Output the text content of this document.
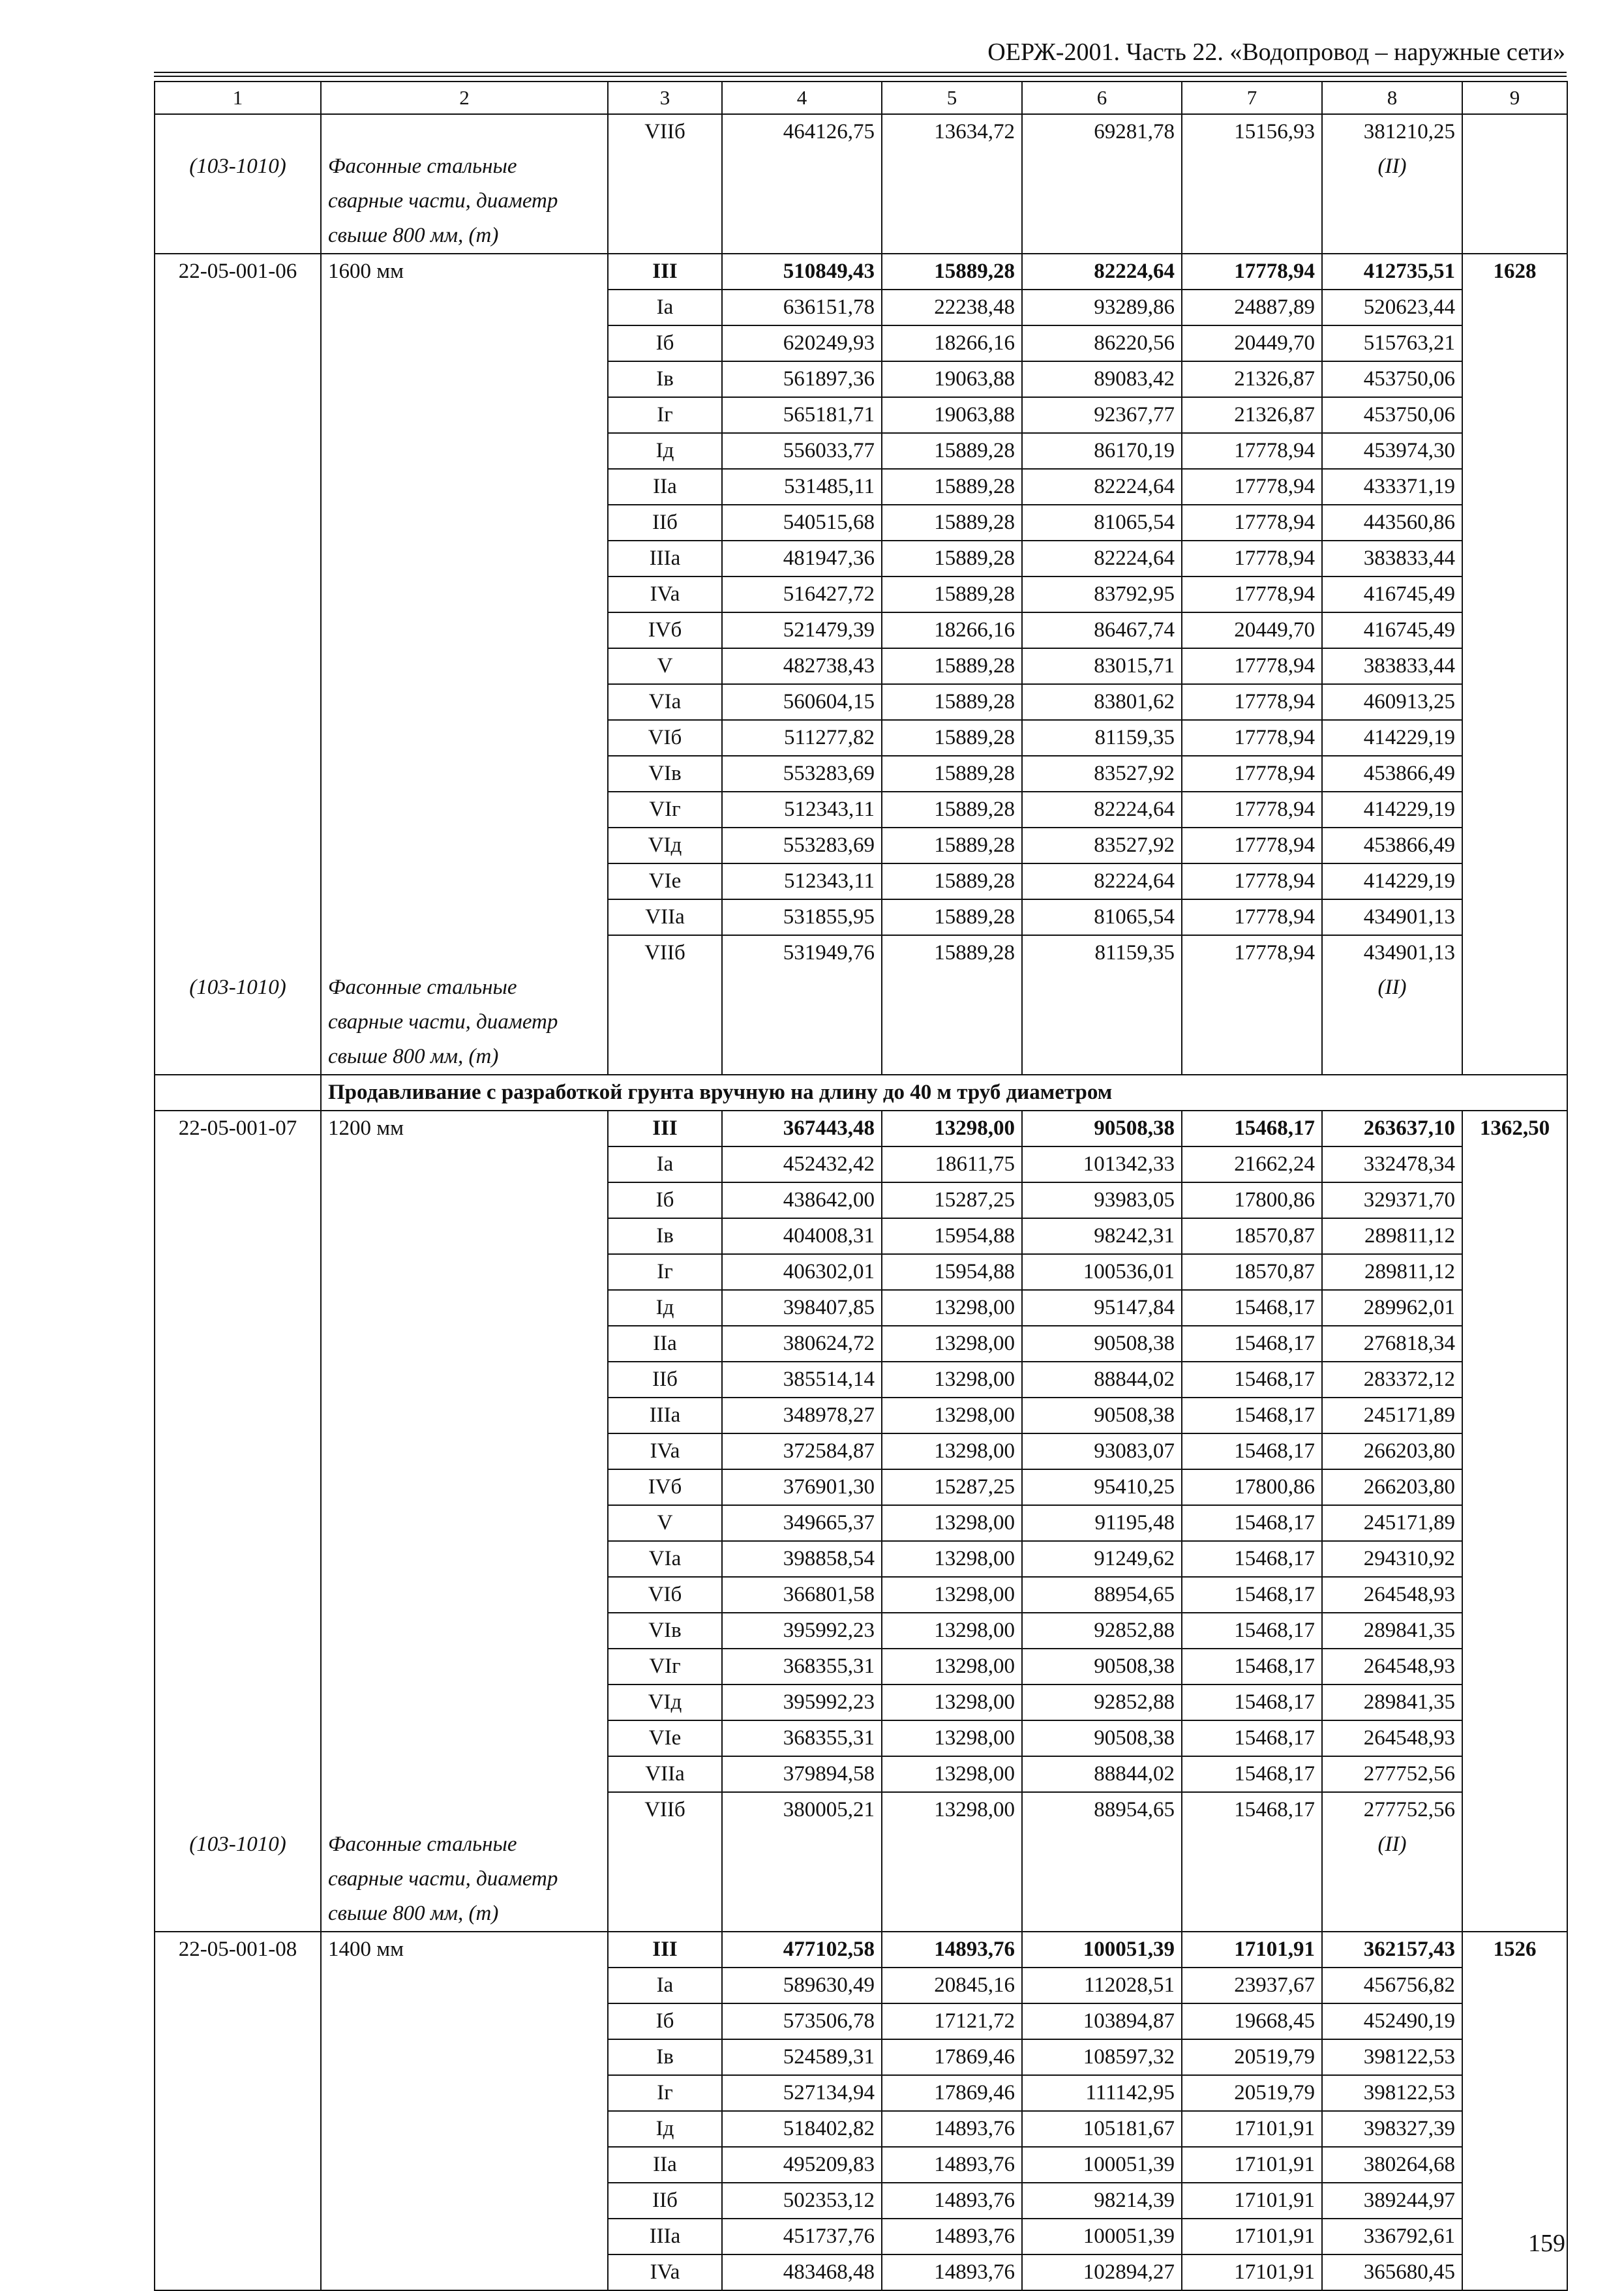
ОЕРЖ-2001. Часть 22. «Водопровод – наружные сети»
1	2	3	4	5	6	7	8	9
		VIIб	464126,75	13634,72	69281,78	15156,93	381210,25	
(103-1010)	Фасонные стальные						(II)	
	сварные части, диаметр							
	свыше 800 мм, (т)							
22-05-001-06	1600 мм	III	510849,43	15889,28	82224,64	17778,94	412735,51	1628
		Ia	636151,78	22238,48	93289,86	24887,89	520623,44	
		Iб	620249,93	18266,16	86220,56	20449,70	515763,21	
		Iв	561897,36	19063,88	89083,42	21326,87	453750,06	
		Iг	565181,71	19063,88	92367,77	21326,87	453750,06	
		Iд	556033,77	15889,28	86170,19	17778,94	453974,30	
		IIa	531485,11	15889,28	82224,64	17778,94	433371,19	
		IIб	540515,68	15889,28	81065,54	17778,94	443560,86	
		IIIa	481947,36	15889,28	82224,64	17778,94	383833,44	
		IVa	516427,72	15889,28	83792,95	17778,94	416745,49	
		IVб	521479,39	18266,16	86467,74	20449,70	416745,49	
		V	482738,43	15889,28	83015,71	17778,94	383833,44	
		VIa	560604,15	15889,28	83801,62	17778,94	460913,25	
		VIб	511277,82	15889,28	81159,35	17778,94	414229,19	
		VIв	553283,69	15889,28	83527,92	17778,94	453866,49	
		VIг	512343,11	15889,28	82224,64	17778,94	414229,19	
		VIд	553283,69	15889,28	83527,92	17778,94	453866,49	
		VIe	512343,11	15889,28	82224,64	17778,94	414229,19	
		VIIa	531855,95	15889,28	81065,54	17778,94	434901,13	
		VIIб	531949,76	15889,28	81159,35	17778,94	434901,13	
(103-1010)	Фасонные стальные						(II)	
	сварные части, диаметр							
	свыше 800 мм, (т)							
	Продавливание с разработкой грунта вручную на длину до 40 м труб диаметром							
22-05-001-07	1200 мм	III	367443,48	13298,00	90508,38	15468,17	263637,10	1362,50
		Ia	452432,42	18611,75	101342,33	21662,24	332478,34	
		Iб	438642,00	15287,25	93983,05	17800,86	329371,70	
		Iв	404008,31	15954,88	98242,31	18570,87	289811,12	
		Iг	406302,01	15954,88	100536,01	18570,87	289811,12	
		Iд	398407,85	13298,00	95147,84	15468,17	289962,01	
		IIa	380624,72	13298,00	90508,38	15468,17	276818,34	
		IIб	385514,14	13298,00	88844,02	15468,17	283372,12	
		IIIa	348978,27	13298,00	90508,38	15468,17	245171,89	
		IVa	372584,87	13298,00	93083,07	15468,17	266203,80	
		IVб	376901,30	15287,25	95410,25	17800,86	266203,80	
		V	349665,37	13298,00	91195,48	15468,17	245171,89	
		VIa	398858,54	13298,00	91249,62	15468,17	294310,92	
		VIб	366801,58	13298,00	88954,65	15468,17	264548,93	
		VIв	395992,23	13298,00	92852,88	15468,17	289841,35	
		VIг	368355,31	13298,00	90508,38	15468,17	264548,93	
		VIд	395992,23	13298,00	92852,88	15468,17	289841,35	
		VIe	368355,31	13298,00	90508,38	15468,17	264548,93	
		VIIa	379894,58	13298,00	88844,02	15468,17	277752,56	
		VIIб	380005,21	13298,00	88954,65	15468,17	277752,56	
(103-1010)	Фасонные стальные						(II)	
	сварные части, диаметр							
	свыше 800 мм, (т)							
22-05-001-08	1400 мм	III	477102,58	14893,76	100051,39	17101,91	362157,43	1526
		Ia	589630,49	20845,16	112028,51	23937,67	456756,82	
		Iб	573506,78	17121,72	103894,87	19668,45	452490,19	
		Iв	524589,31	17869,46	108597,32	20519,79	398122,53	
		Iг	527134,94	17869,46	111142,95	20519,79	398122,53	
		Iд	518402,82	14893,76	105181,67	17101,91	398327,39	
		IIa	495209,83	14893,76	100051,39	17101,91	380264,68	
		IIб	502353,12	14893,76	98214,39	17101,91	389244,97	
		IIIa	451737,76	14893,76	100051,39	17101,91	336792,61	
		IVa	483468,48	14893,76	102894,27	17101,91	365680,45	
159
